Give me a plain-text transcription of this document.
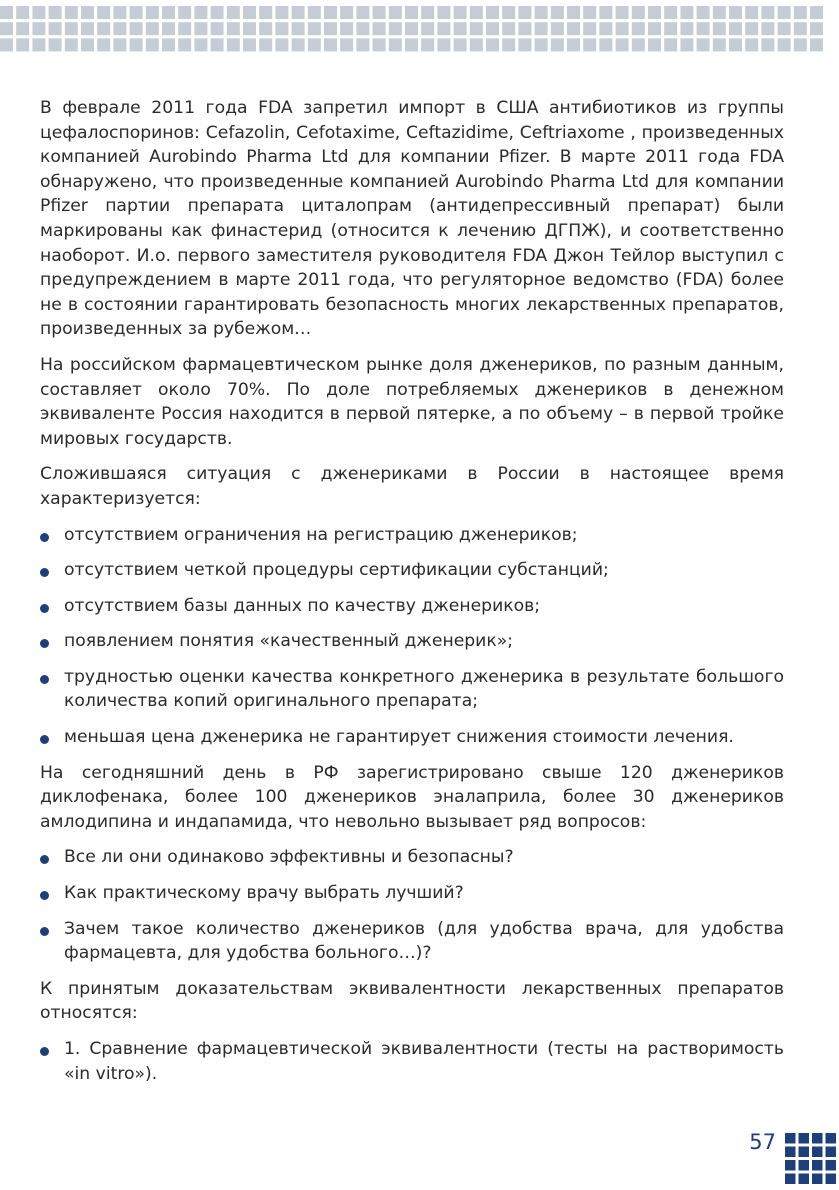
В феврале 2011 года FDA запретил импорт в США антибиотиков из группы цефалоспоринов: Cefazolin, Cefotaxime, Ceftazidime, Ceftriaxome , произведенных компанией Aurobindo Pharma Ltd для компании Pfizer. В марте 2011 года FDA обнаружено, что произведенные компанией Aurobindo Pharma Ltd для компании Pfizer партии препарата циталопрам (антидепрессивный препарат) были маркированы как финастерид (относится к лечению ДГПЖ), и соответственно наоборот. И.о. первого заместителя руководителя FDA Джон Тейлор выступил с предупреждением в марте 2011 года, что регуляторное ведомство (FDA) более не в состоянии гарантировать безопасность многих лекарственных препаратов, произведенных за рубежом…

На российском фармацевтическом рынке доля дженериков, по разным данным, составляет около 70%. По доле потребляемых дженериков в денежном эквиваленте Россия находится в первой пятерке, а по объему – в первой тройке мировых государств.

Сложившаяся ситуация с дженериками в России в настоящее время характеризуется:

отсутствием ограничения на регистрацию дженериков;
отсутствием четкой процедуры сертификации субстанций;
отсутствием базы данных по качеству дженериков;
появлением понятия «качественный дженерик»;
трудностью оценки качества конкретного дженерика в результате большого количества копий оригинального препарата;
меньшая цена дженерика не гарантирует снижения стоимости лечения.

На сегодняшний день в РФ зарегистрировано свыше 120 дженериков диклофенака, более 100 дженериков эналаприла, более 30 дженериков амлодипина и индапамида, что невольно вызывает ряд вопросов:

Все ли они одинаково эффективны и безопасны?
Как практическому врачу выбрать лучший?
Зачем такое количество дженериков (для удобства врача, для удобства фармацевта, для удобства больного…)?

К принятым доказательствам эквивалентности лекарственных препаратов относятся:

1. Сравнение фармацевтической эквивалентности (тесты на растворимость «in vitro»).
57
